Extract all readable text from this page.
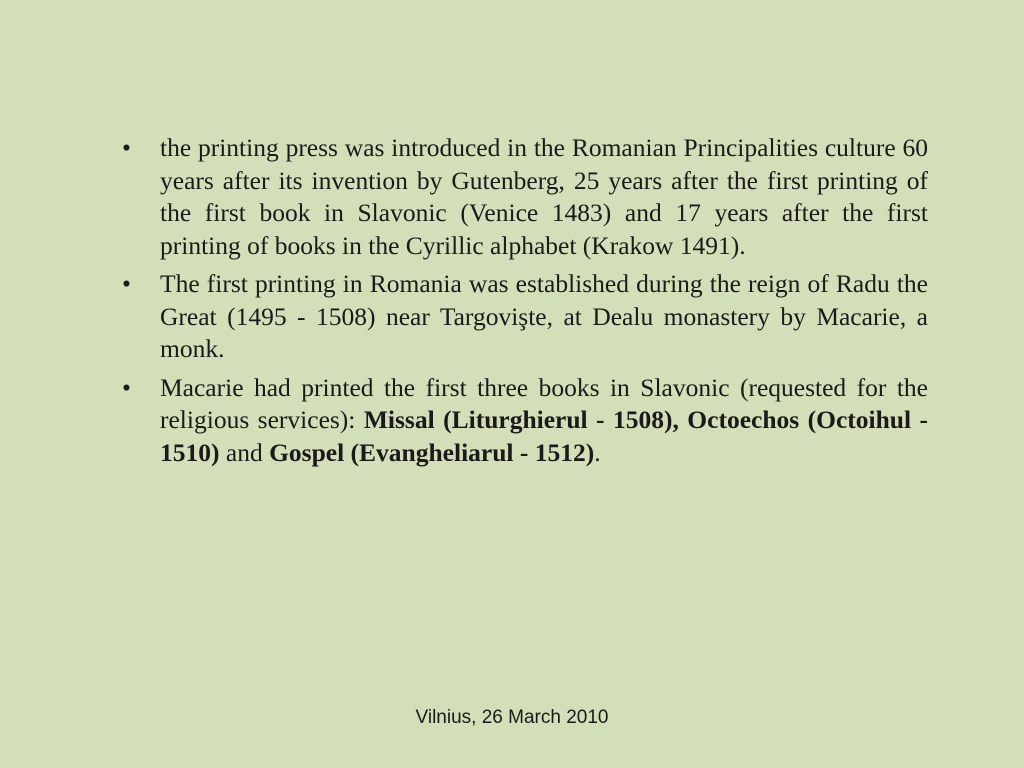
• the printing press was introduced in the Romanian Principalities culture 60 years after its invention by Gutenberg, 25 years after the first printing of the first book in Slavonic (Venice 1483) and 17 years after the first printing of books in the Cyrillic alphabet (Krakow 1491).
• The first printing in Romania was established during the reign of Radu the Great (1495 - 1508) near Targovişte, at Dealu monastery by Macarie, a monk.
• Macarie had printed the first three books in Slavonic (requested for the religious services): Missal (Liturghierul - 1508), Octoechos (Octoihul - 1510) and Gospel (Evangheliarul - 1512).
Vilnius, 26 March 2010
